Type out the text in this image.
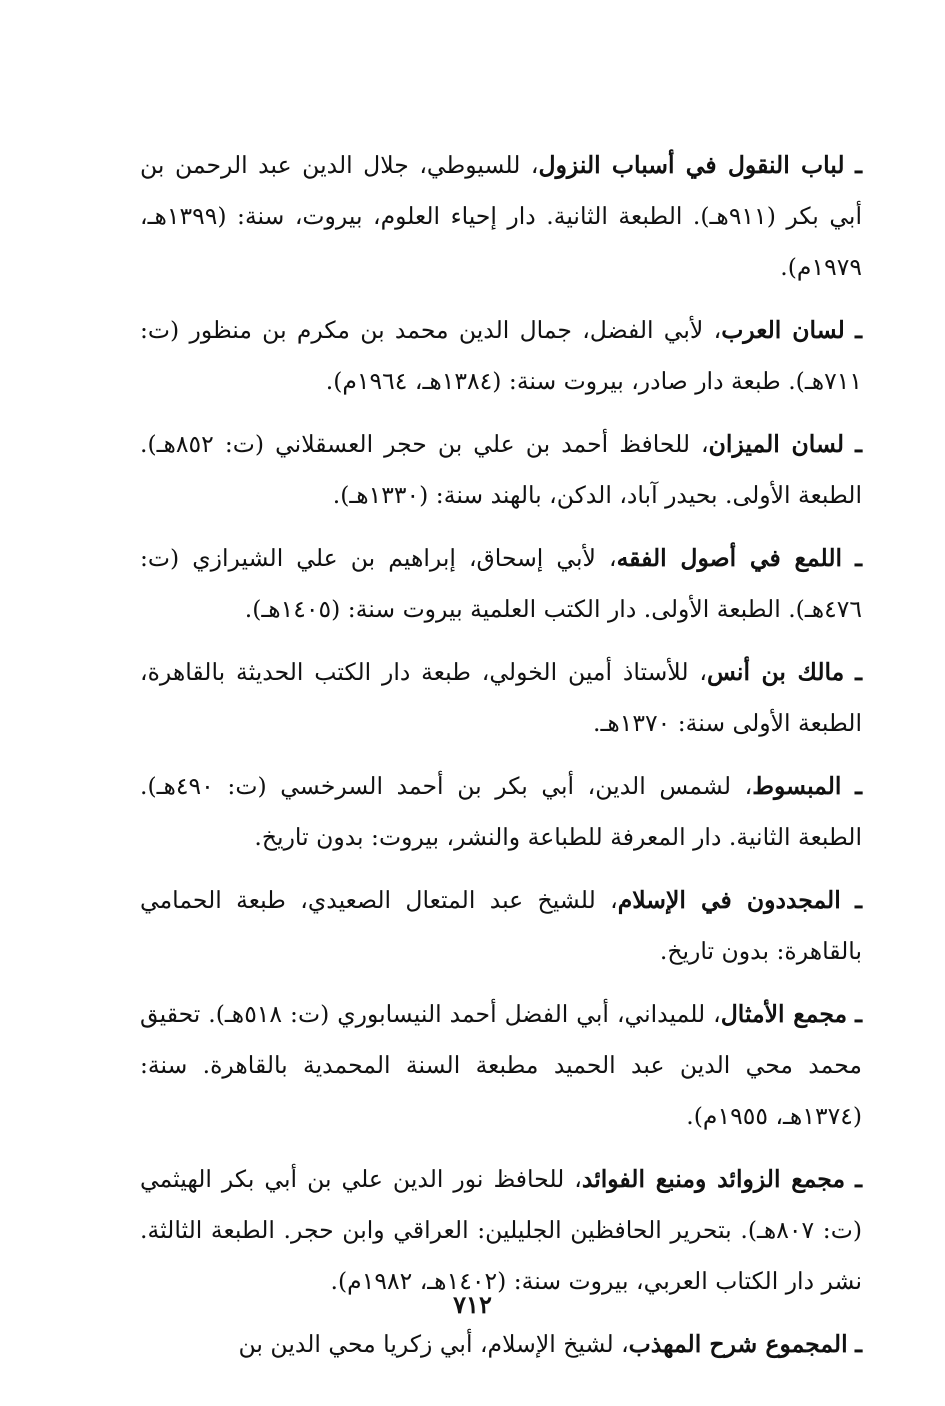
ـ لباب النقول في أسباب النزول، للسيوطي، جلال الدين عبد الرحمن بن أبي بكر (٩١١هـ). الطبعة الثانية. دار إحياء العلوم، بيروت، سنة: (١٣٩٩هـ، ١٩٧٩م).

ـ لسان العرب، لأبي الفضل، جمال الدين محمد بن مكرم بن منظور (ت: ٧١١هـ). طبعة دار صادر، بيروت سنة: (١٣٨٤هـ، ١٩٦٤م).

ـ لسان الميزان، للحافظ أحمد بن علي بن حجر العسقلاني (ت: ٨٥٢هـ). الطبعة الأولى. بحيدر آباد، الدكن، بالهند سنة: (١٣٣٠هـ).

ـ اللمع في أصول الفقه، لأبي إسحاق، إبراهيم بن علي الشيرازي (ت: ٤٧٦هـ). الطبعة الأولى. دار الكتب العلمية بيروت سنة: (١٤٠٥هـ).

ـ مالك بن أنس، للأستاذ أمين الخولي، طبعة دار الكتب الحديثة بالقاهرة، الطبعة الأولى سنة: ١٣٧٠هـ.

ـ المبسوط، لشمس الدين، أبي بكر بن أحمد السرخسي (ت: ٤٩٠هـ). الطبعة الثانية. دار المعرفة للطباعة والنشر، بيروت: بدون تاريخ.

ـ المجددون في الإسلام، للشيخ عبد المتعال الصعيدي، طبعة الحمامي بالقاهرة: بدون تاريخ.

ـ مجمع الأمثال، للميداني، أبي الفضل أحمد النيسابوري (ت: ٥١٨هـ). تحقيق محمد محي الدين عبد الحميد مطبعة السنة المحمدية بالقاهرة. سنة: (١٣٧٤هـ، ١٩٥٥م).

ـ مجمع الزوائد ومنبع الفوائد، للحافظ نور الدين علي بن أبي بكر الهيثمي (ت: ٨٠٧هـ). بتحرير الحافظين الجليلين: العراقي وابن حجر. الطبعة الثالثة. نشر دار الكتاب العربي، بيروت سنة: (١٤٠٢هـ، ١٩٨٢م).

ـ المجموع شرح المهذب، لشيخ الإسلام، أبي زكريا محي الدين بن

٧١٢
